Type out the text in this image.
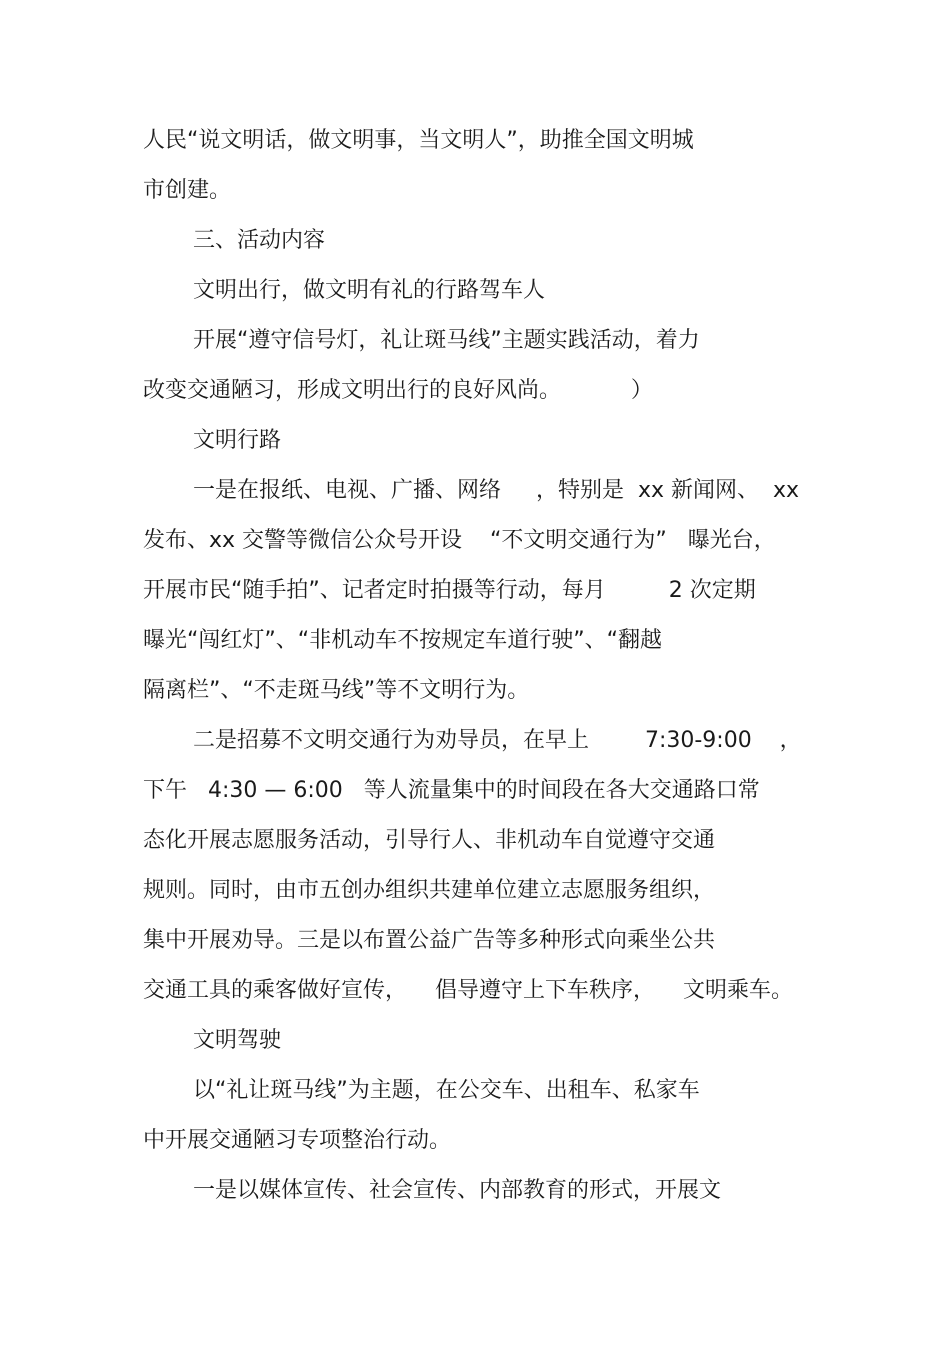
人民“说文明话，做文明事，当文明人”，助推全国文明城
市创建。
三、活动内容
文明出行，做文明有礼的行路驾车人
开展“遵守信号灯，礼让斑马线”主题实践活动，着力
改变交通陋习，形成文明出行的良好风尚。          ）
文明行路
一是在报纸、电视、广播、网络     ，特别是  xx 新闻网、  xx
发布、xx 交警等微信公众号开设    “不文明交通行为”   曝光台，
开展市民“随手拍”、记者定时拍摄等行动，每月         2 次定期
曝光“闯红灯”、“非机动车不按规定车道行驶”、“翻越
隔离栏”、“不走斑马线”等不文明行为。
二是招募不文明交通行为劝导员，在早上        7:30-9:00    ，
下午   4:30 — 6:00   等人流量集中的时间段在各大交通路口常
态化开展志愿服务活动，引导行人、非机动车自觉遵守交通
规则。同时，由市五创办组织共建单位建立志愿服务组织，
集中开展劝导。三是以布置公益广告等多种形式向乘坐公共
交通工具的乘客做好宣传，    倡导遵守上下车秩序，    文明乘车。
文明驾驶
以“礼让斑马线”为主题，在公交车、出租车、私家车
中开展交通陋习专项整治行动。
一是以媒体宣传、社会宣传、内部教育的形式，开展文
